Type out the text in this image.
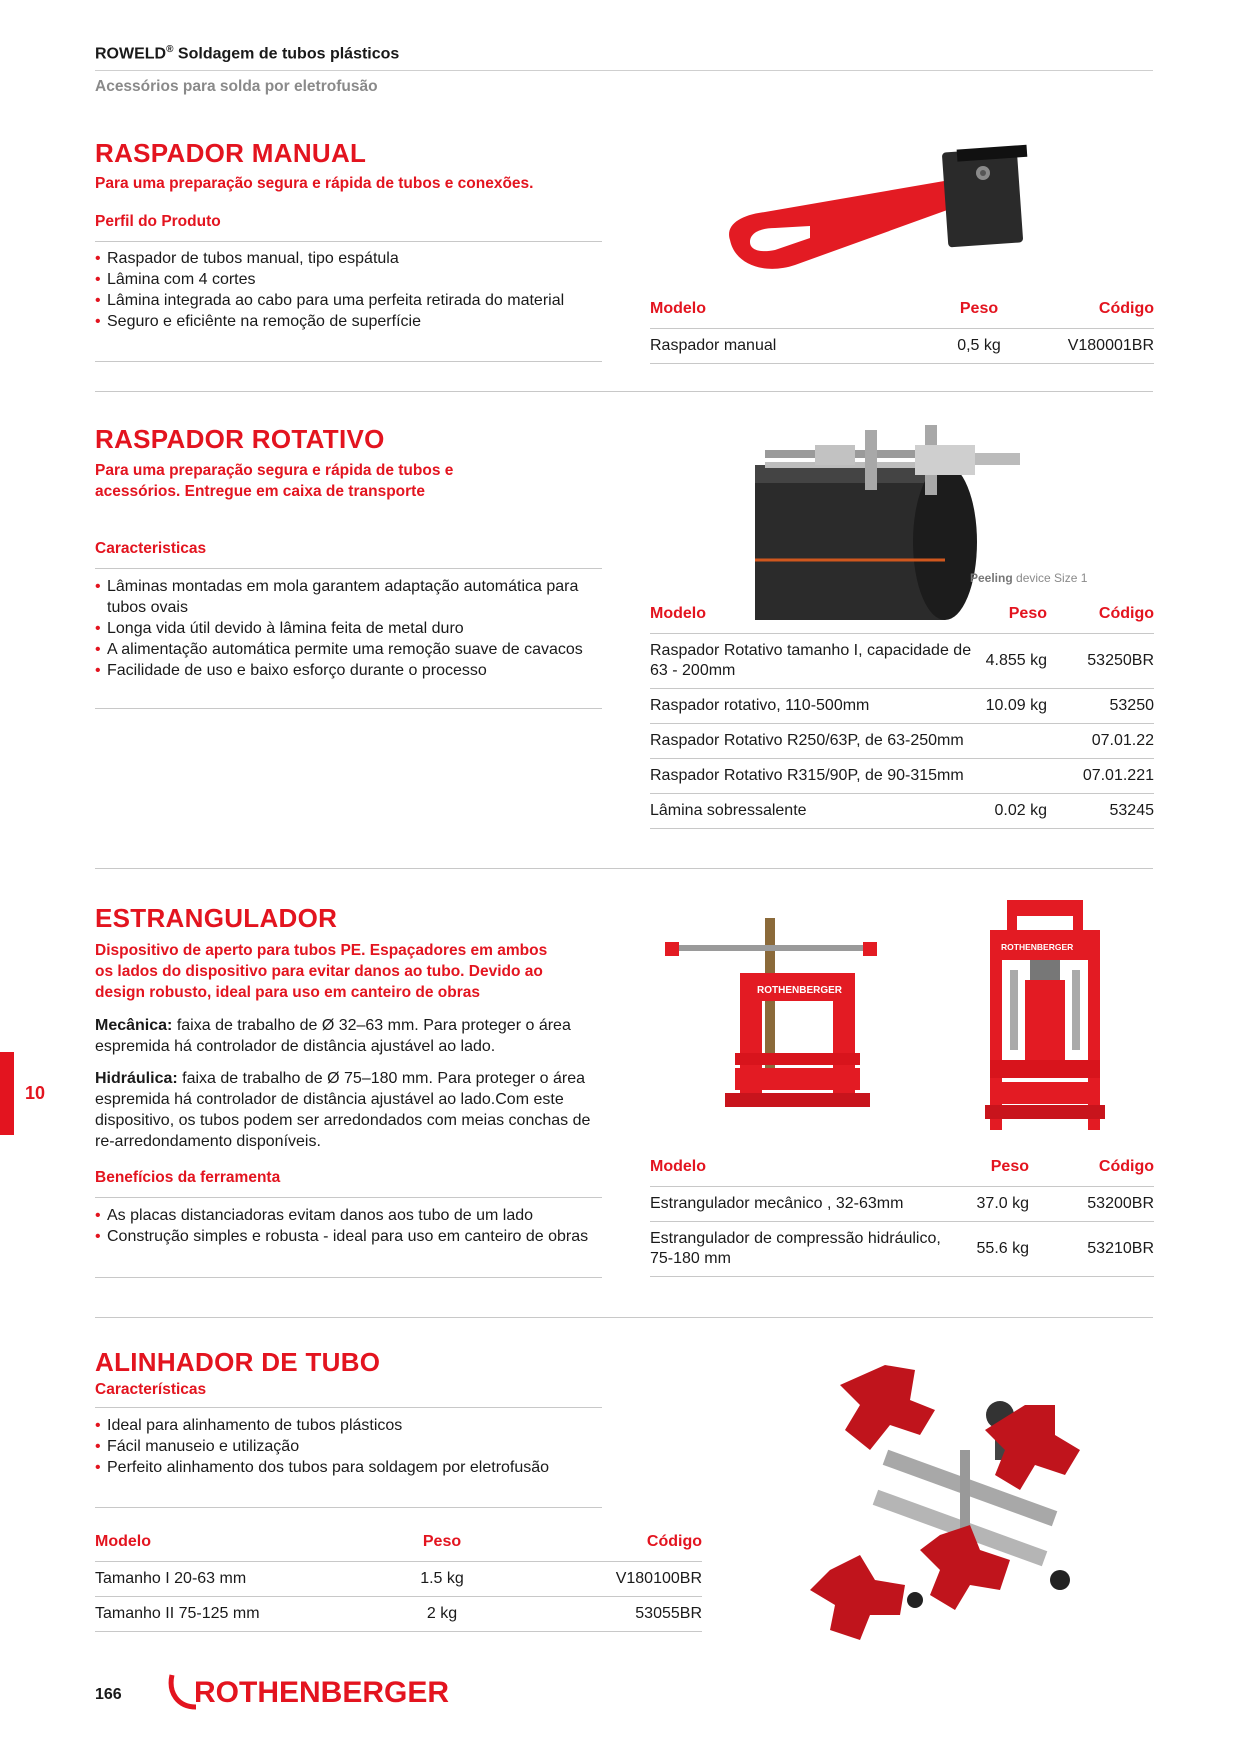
ROWELD® Soldagem de tubos plásticos
Acessórios para solda por eletrofusão
RASPADOR MANUAL
Para uma preparação segura e rápida de tubos e conexões.
Perfil do Produto
• Raspador de tubos manual, tipo espátula
• Lâmina com 4 cortes
• Lâmina integrada ao cabo para uma perfeita retirada do material
• Seguro e eficiênte na remoção de superfície
Modelo	Peso	Código
Raspador manual	0,5 kg	V180001BR
RASPADOR ROTATIVO
Para uma preparação segura e rápida de tubos e
acessórios. Entregue em caixa de transporte
Caracteristicas
• Lâminas montadas em mola garantem adaptação automática para tubos ovais
• Longa vida útil devido à lâmina feita de metal duro
• A alimentação automática permite uma remoção suave de cavacos
• Facilidade de uso e baixo esforço durante o processo
Peeling device Size 1
Modelo	Peso	Código
Raspador Rotativo tamanho I, capacidade de 63 - 200mm	4.855 kg	53250BR
Raspador rotativo, 110-500mm	10.09 kg	53250
Raspador Rotativo R250/63P, de 63-250mm		07.01.22
Raspador Rotativo R315/90P, de 90-315mm		07.01.221
Lâmina sobressalente	0.02 kg	53245
ESTRANGULADOR
Dispositivo de aperto para tubos PE. Espaçadores em ambos
os lados do dispositivo para evitar danos ao tubo. Devido ao
design robusto, ideal para uso em canteiro de obras

Mecânica: faixa de trabalho de Ø 32–63 mm. Para proteger o área espremida há controlador de distância ajustável ao lado.

Hidráulica: faixa de trabalho de Ø 75–180 mm. Para proteger o área espremida há controlador de distância ajustável ao lado.Com este dispositivo, os tubos podem ser arredondados com meias conchas de re-arredondamento disponíveis.

Benefícios da ferramenta
• As placas distanciadoras evitam danos aos tubo de um lado
• Construção simples e robusta - ideal para uso em canteiro de obras
ROTHENBERGER
ROTHENBERGER
Modelo	Peso	Código
Estrangulador mecânico , 32-63mm	37.0 kg	53200BR
Estrangulador de compressão hidráulico, 75-180 mm	55.6 kg	53210BR
ALINHADOR DE TUBO
Características
• Ideal para alinhamento de tubos plásticos
• Fácil manuseio e utilização
• Perfeito alinhamento dos tubos para soldagem por eletrofusão
Modelo	Peso	Código
Tamanho I 20-63 mm	1.5 kg	V180100BR
Tamanho II 75-125 mm	2 kg	53055BR
10
166 ROTHENBERGER
